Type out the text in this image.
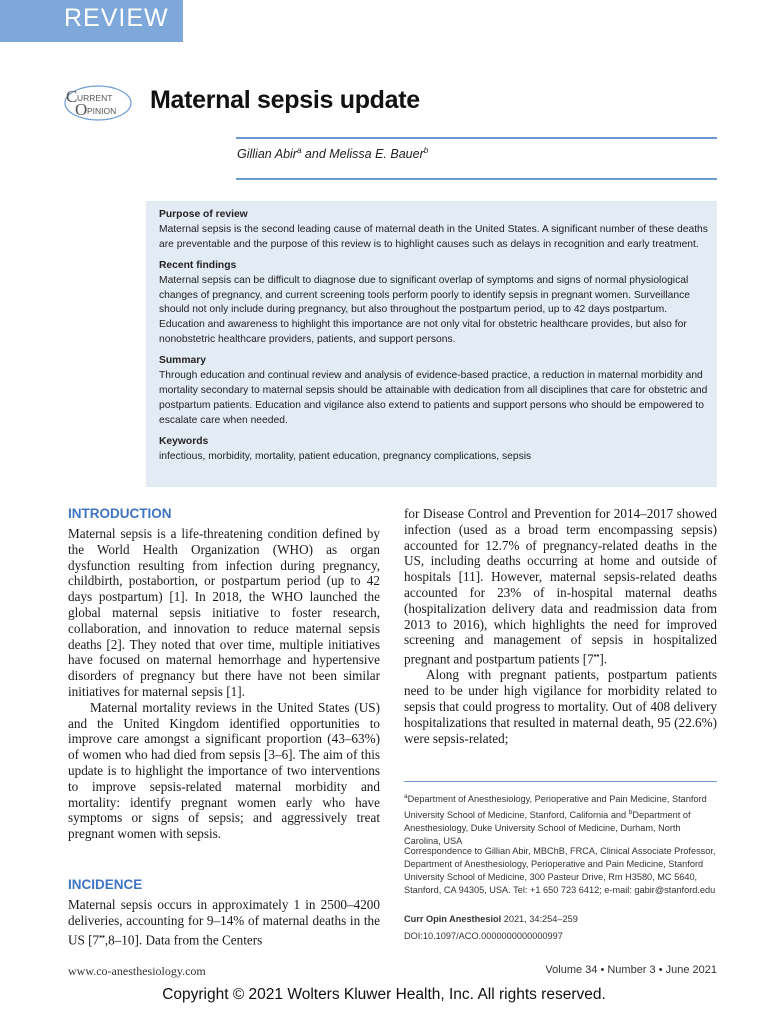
REVIEW
C URRENT
O PINION Maternal sepsis update
Gillian Abir$^a$ and Melissa E. Bauer$^b$

Purpose of review

Maternal sepsis is the second leading cause of maternal death in the United States. A significant number of these deaths are preventable and the purpose of this review is to highlight causes such as delays in recognition and early treatment.

Recent findings

Maternal sepsis can be difficult to diagnose due to significant overlap of symptoms and signs of normal physiological changes of pregnancy, and current screening tools perform poorly to identify sepsis in pregnant women. Surveillance should not only include during pregnancy, but also throughout the postpartum period, up to 42 days postpartum. Education and awareness to highlight this importance are not only vital for obstetric healthcare provides, but also for nonobstetric healthcare providers, patients, and support persons.

Summary

Through education and continual review and analysis of evidence-based practice, a reduction in maternal morbidity and mortality secondary to maternal sepsis should be attainable with dedication from all disciplines that care for obstetric and postpartum patients. Education and vigilance also extend to patients and support persons who should be empowered to escalate care when needed.

Keywords

infectious, morbidity, mortality, patient education, pregnancy complications, sepsis

INTRODUCTION

Maternal sepsis is a life-threatening condition defined by the World Health Organization (WHO) as organ dysfunction resulting from infection during pregnancy, childbirth, postabortion, or postpartum period (up to 42 days postpartum) [1]. In 2018, the WHO launched the global maternal sepsis initiative to foster research, collaboration, and innovation to reduce maternal sepsis deaths [2]. They noted that over time, multiple initiatives have focused on maternal hemorrhage and hypertensive disorders of pregnancy but there have not been similar initiatives for maternal sepsis [1].

Maternal mortality reviews in the United States (US) and the United Kingdom identified opportunities to improve care amongst a significant proportion (43–63%) of women who had died from sepsis [3–6]. The aim of this update is to highlight the importance of two interventions to improve sepsis-related maternal morbidity and mortality: identify pregnant women early who have symptoms or signs of sepsis; and aggressively treat pregnant women with sepsis.

INCIDENCE

Maternal sepsis occurs in approximately 1 in 2500–4200 deliveries, accounting for 9–14% of maternal deaths in the US [7▪▪,8–10]. Data from the Centers

for Disease Control and Prevention for 2014–2017 showed infection (used as a broad term encompassing sepsis) accounted for 12.7% of pregnancy-related deaths in the US, including deaths occurring at home and outside of hospitals [11]. However, maternal sepsis-related deaths accounted for 23% of in-hospital maternal deaths (hospitalization delivery data and readmission data from 2013 to 2016), which highlights the need for improved screening and management of sepsis in hospitalized pregnant and postpartum patients [7▪▪].

Along with pregnant patients, postpartum patients need to be under high vigilance for morbidity related to sepsis that could progress to mortality. Out of 408 delivery hospitalizations that resulted in maternal death, 95 (22.6%) were sepsis-related;

$^a$Department of Anesthesiology, Perioperative and Pain Medicine, Stanford University School of Medicine, Stanford, California and $^b$Department of Anesthesiology, Duke University School of Medicine, Durham, North Carolina, USA

Correspondence to Gillian Abir, MBChB, FRCA, Clinical Associate Professor, Department of Anesthesiology, Perioperative and Pain Medicine, Stanford University School of Medicine, 300 Pasteur Drive, Rm H3580, MC 5640, Stanford, CA 94305, USA. Tel: +1 650 723 6412; e-mail: gabir@stanford.edu

Curr Opin Anesthesiol 2021, 34:254–259

DOI:10.1097/ACO.0000000000000997

www.co-anesthesiology.com	Volume 34 • Number 3 • June 2021
Copyright © 2021 Wolters Kluwer Health, Inc. All rights reserved.
